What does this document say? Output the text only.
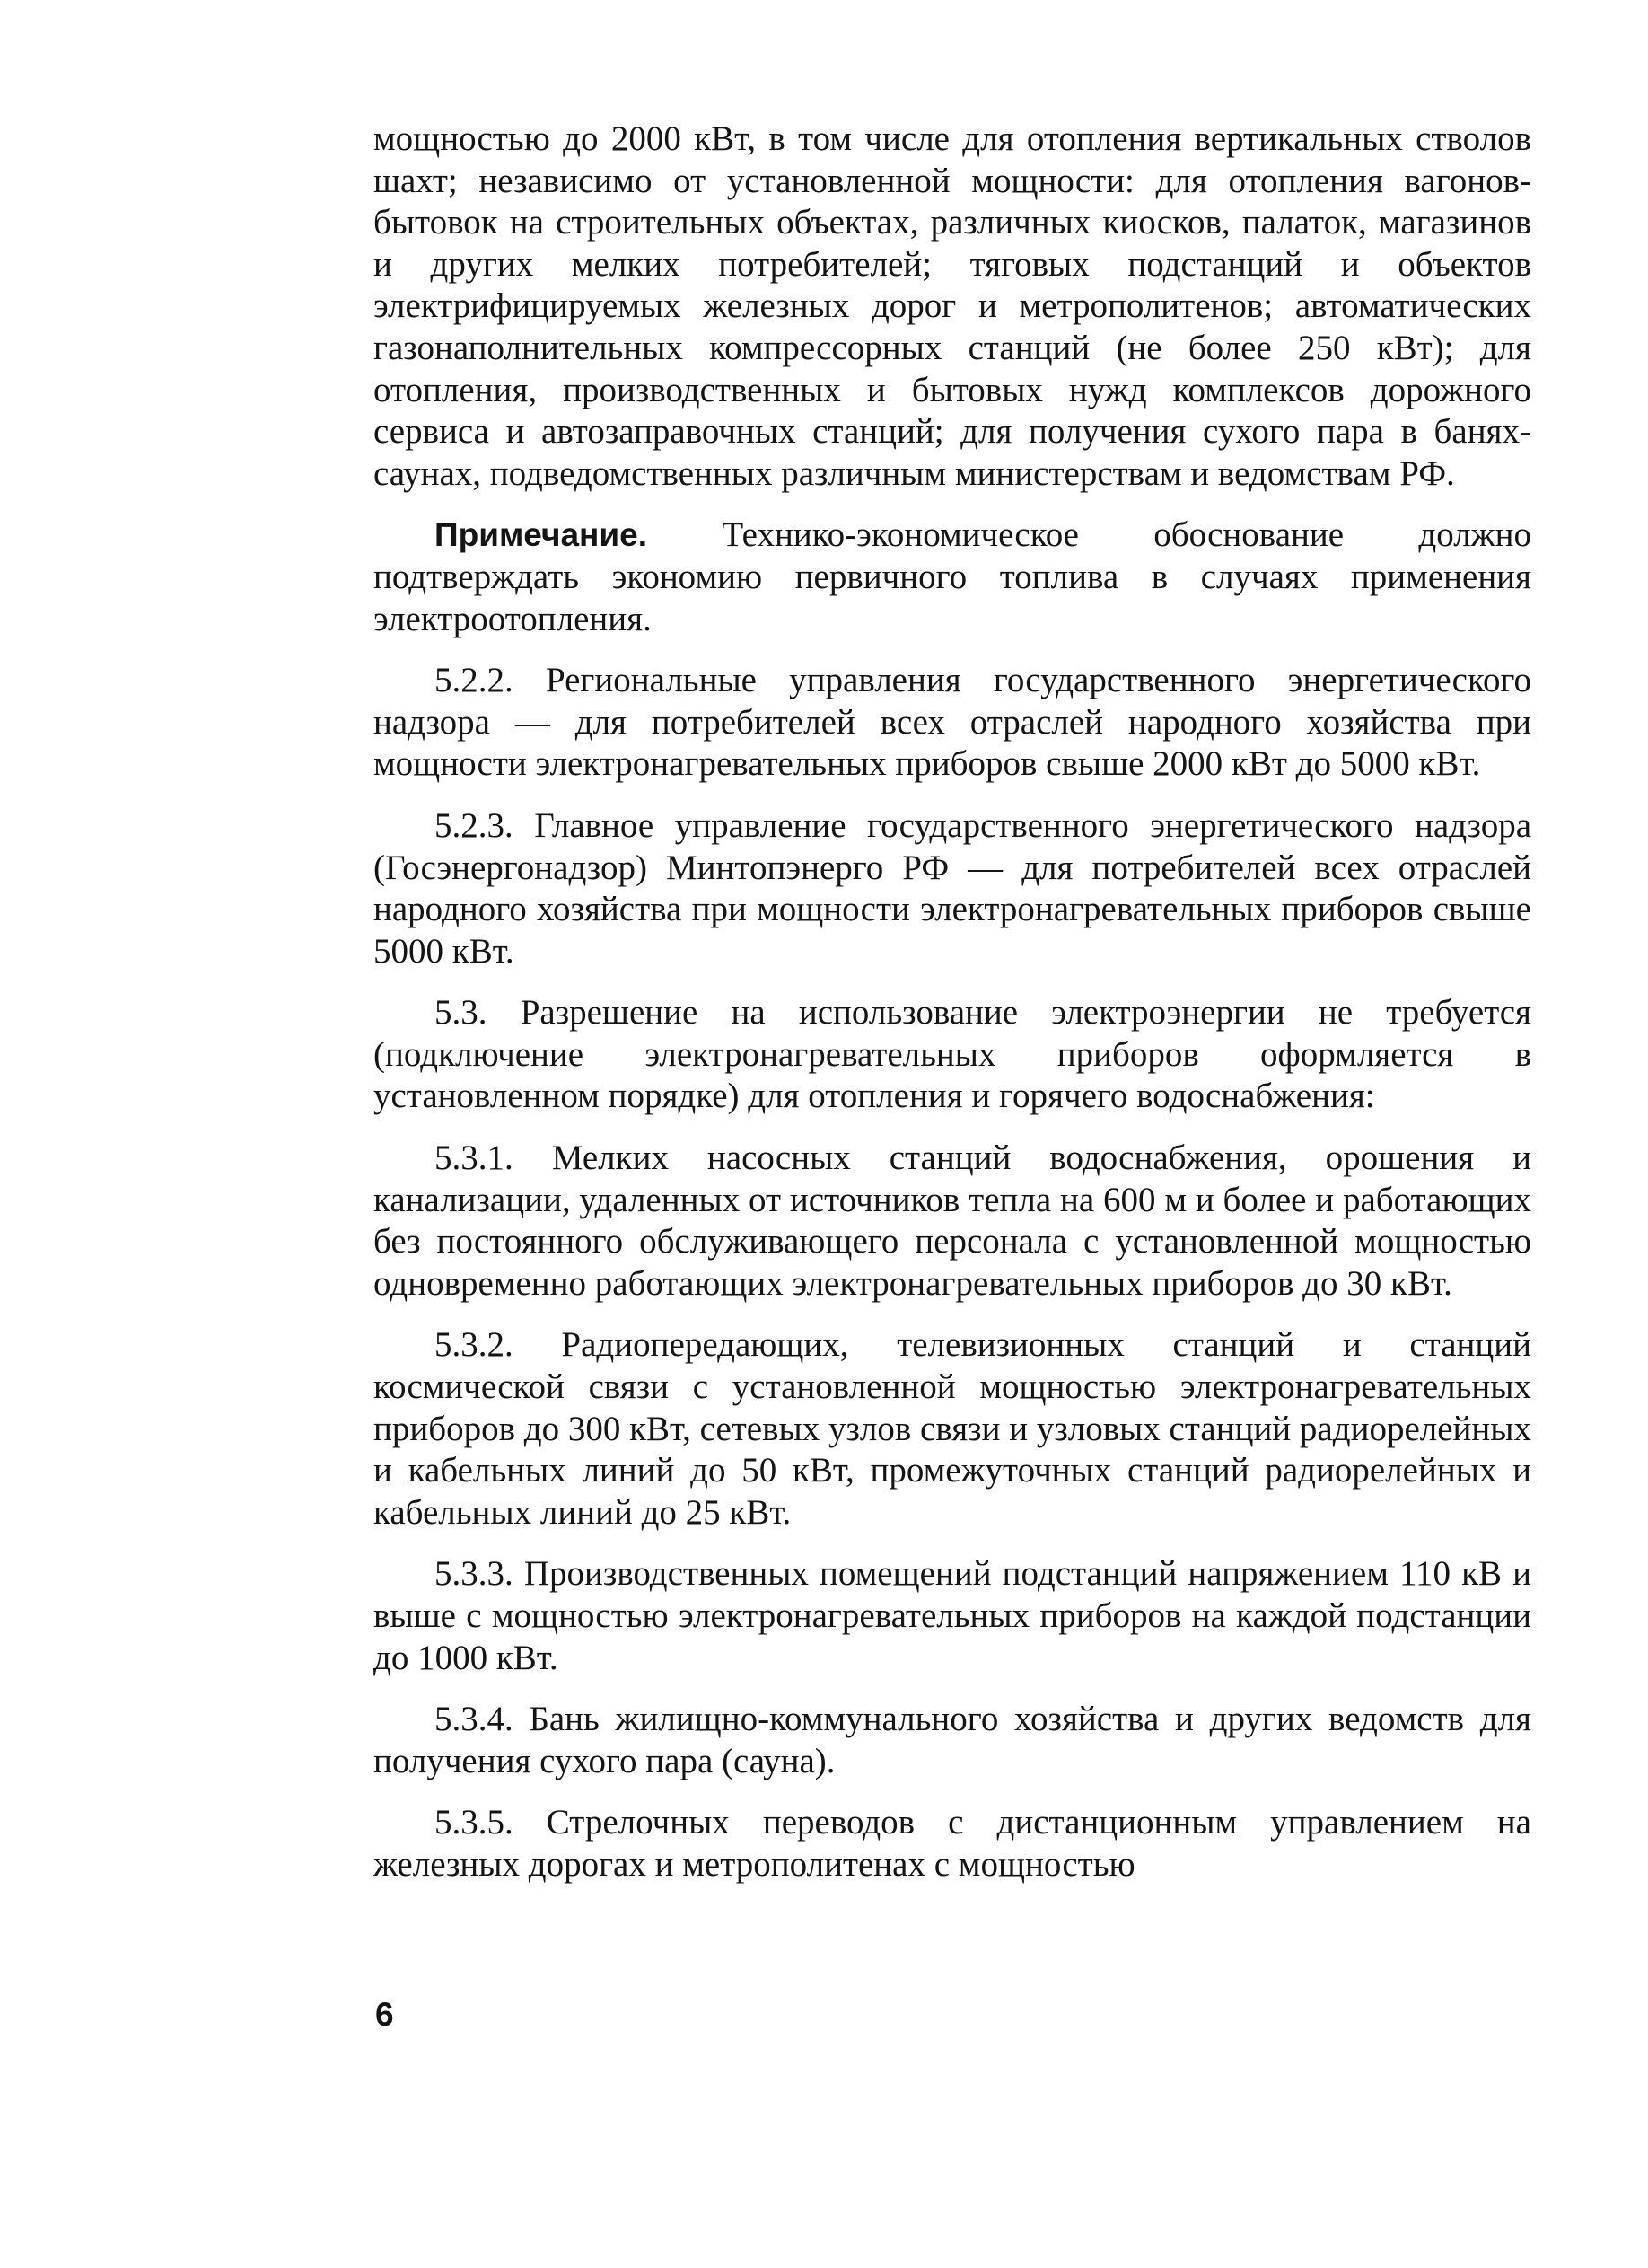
мощностью до 2000 кВт, в том числе для отопления вертикальных стволов шахт; независимо от установленной мощности: для отопления вагонов-бытовок на строительных объектах, различных киосков, палаток, магазинов и других мелких потребителей; тяговых подстанций и объектов электрифицируемых железных дорог и метрополитенов; автоматических газонаполнительных компрессорных станций (не более 250 кВт); для отопления, производственных и бытовых нужд комплексов дорожного сервиса и автозаправочных станций; для получения сухого пара в банях-саунах, подведомственных различным министерствам и ведомствам РФ.

Примечание. Технико-экономическое обоснование должно подтверждать экономию первичного топлива в случаях применения электроотопления.

5.2.2. Региональные управления государственного энергетического надзора — для потребителей всех отраслей народного хозяйства при мощности электронагревательных приборов свыше 2000 кВт до 5000 кВт.

5.2.3. Главное управление государственного энергетического надзора (Госэнергонадзор) Минтопэнерго РФ — для потребителей всех отраслей народного хозяйства при мощности электронагревательных приборов свыше 5000 кВт.

5.3. Разрешение на использование электроэнергии не требуется (подключение электронагревательных приборов оформляется в установленном порядке) для отопления и горячего водоснабжения:

5.3.1. Мелких насосных станций водоснабжения, орошения и канализации, удаленных от источников тепла на 600 м и более и работающих без постоянного обслуживающего персонала с установленной мощностью одновременно работающих электронагревательных приборов до 30 кВт.

5.3.2. Радиопередающих, телевизионных станций и станций космической связи с установленной мощностью электронагревательных приборов до 300 кВт, сетевых узлов связи и узловых станций радиорелейных и кабельных линий до 50 кВт, промежуточных станций радиорелейных и кабельных линий до 25 кВт.

5.3.3. Производственных помещений подстанций напряжением 110 кВ и выше с мощностью электронагревательных приборов на каждой подстанции до 1000 кВт.

5.3.4. Бань жилищно-коммунального хозяйства и других ведомств для получения сухого пара (сауна).

5.3.5. Стрелочных переводов с дистанционным управлением на железных дорогах и метрополитенах с мощностью

6
